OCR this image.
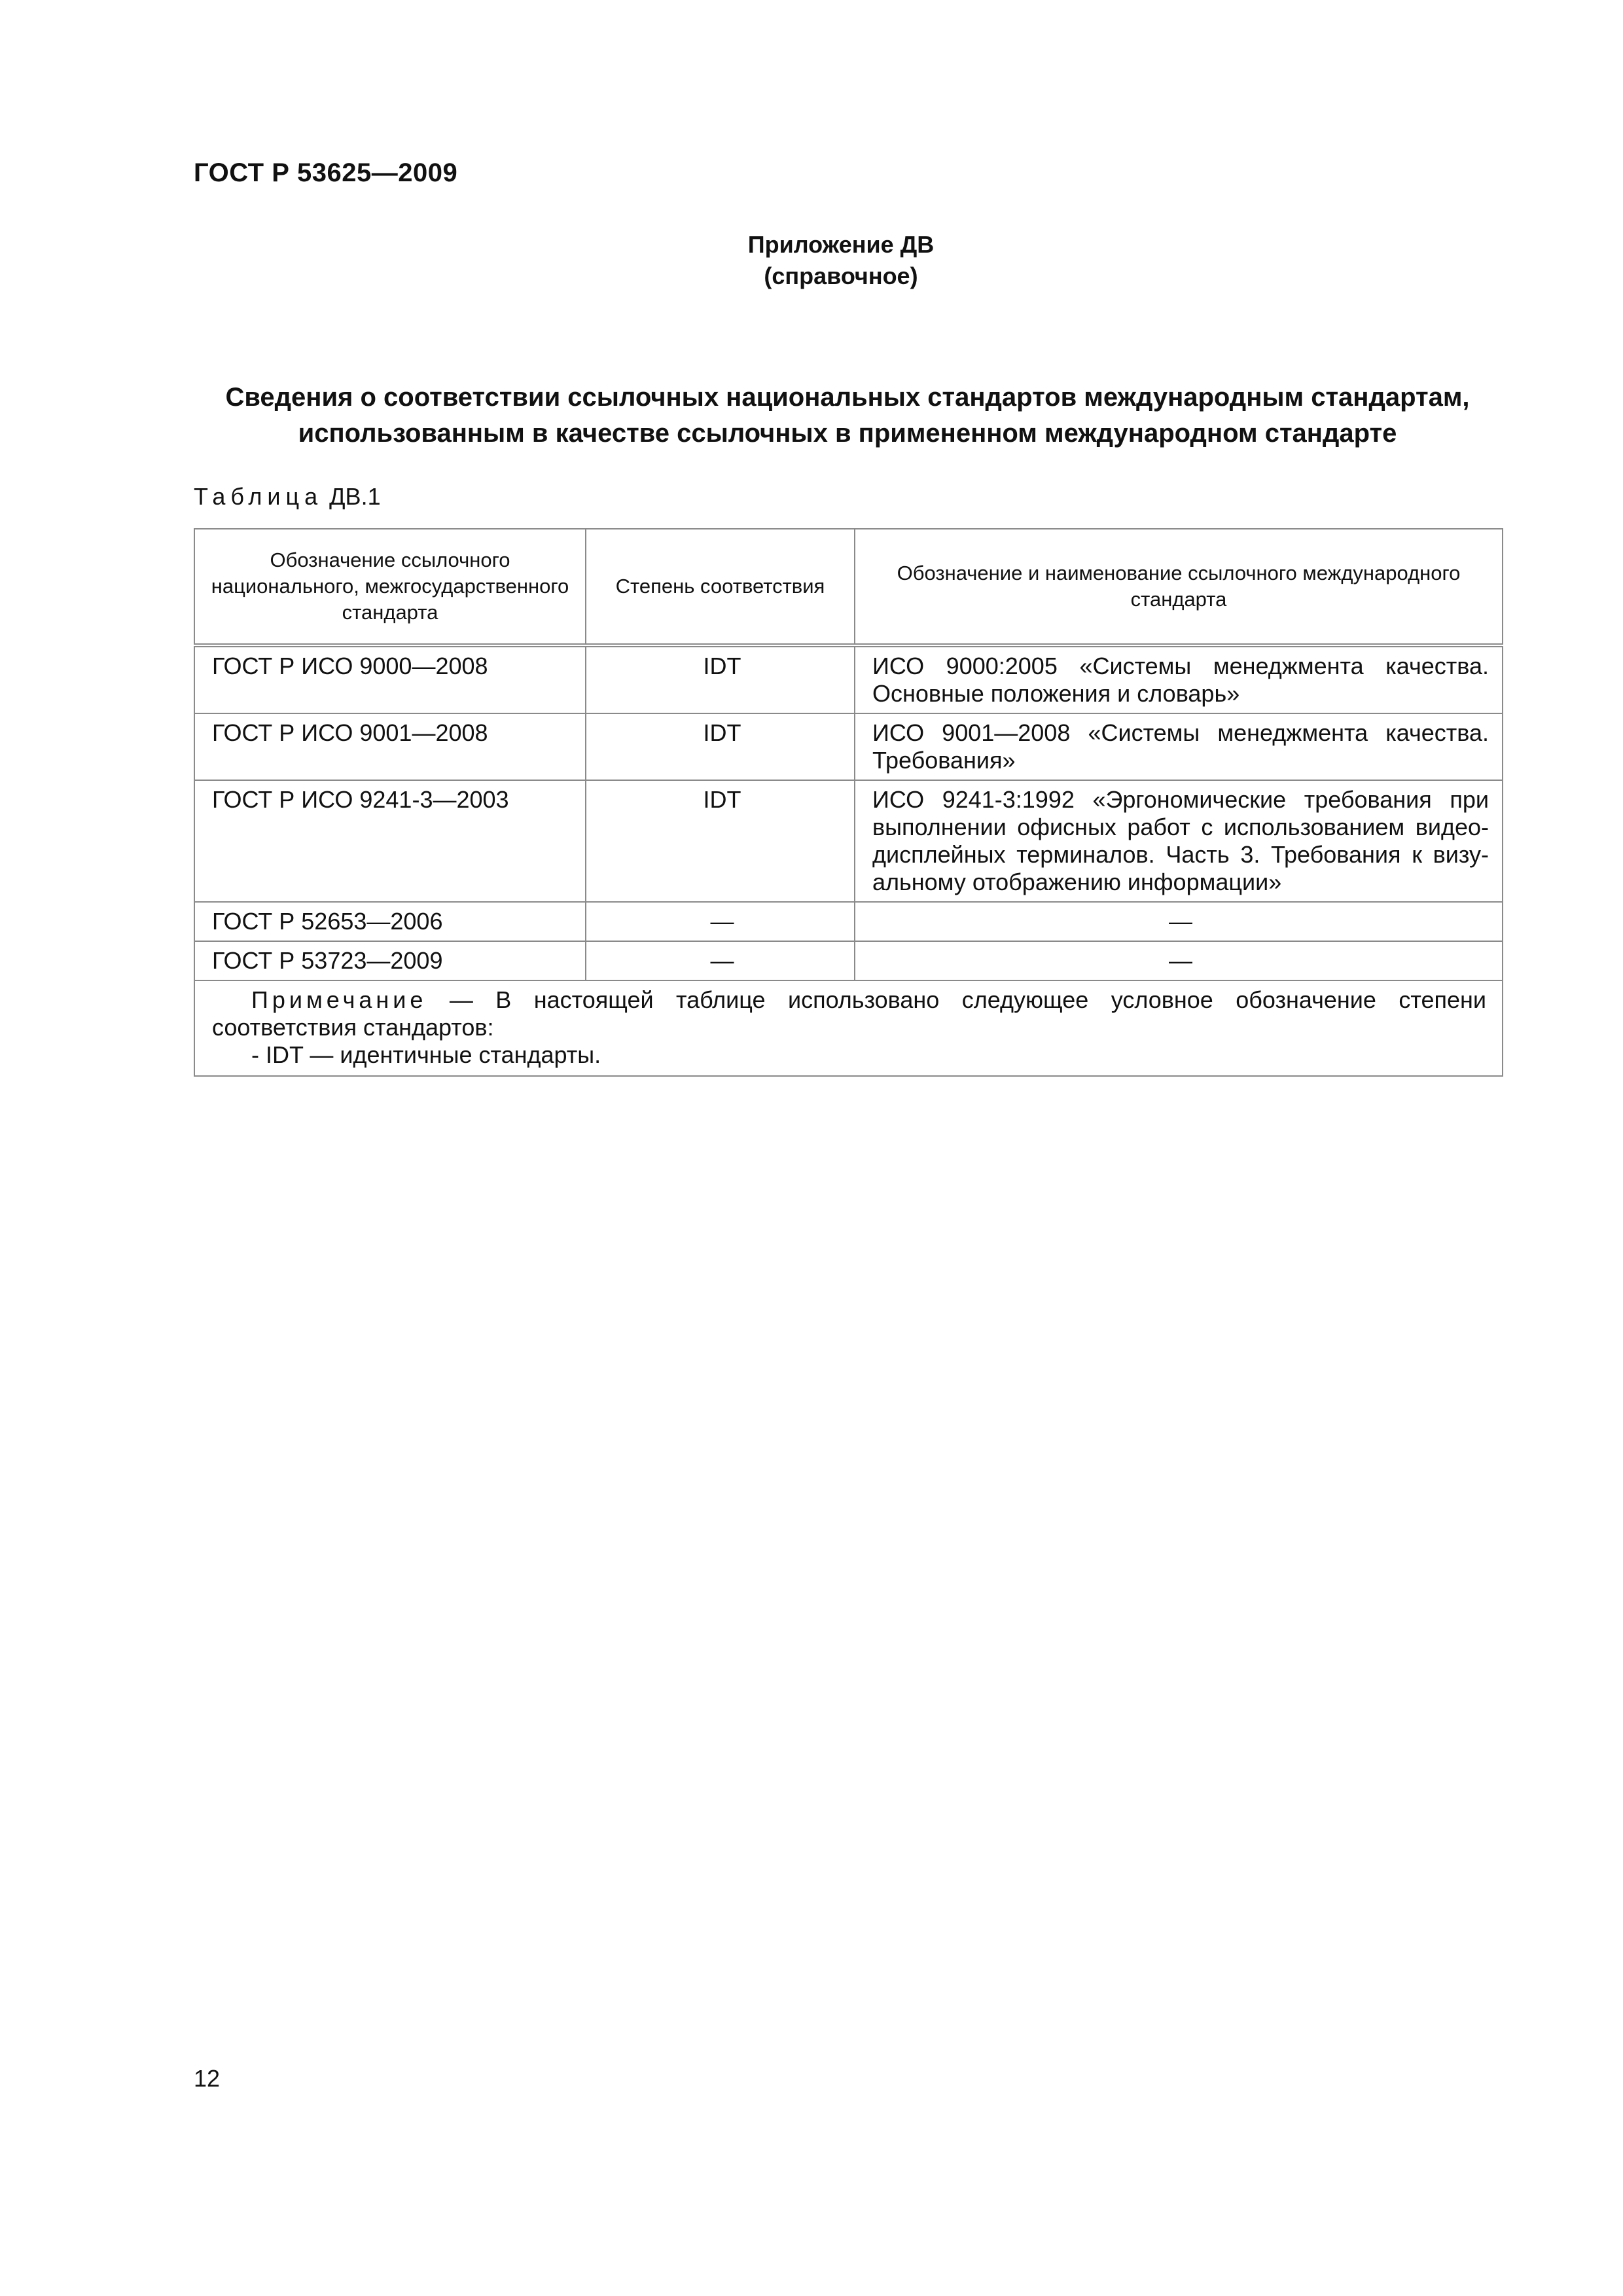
ГОСТ Р 53625—2009
Приложение ДВ
(справочное)
Сведения о соответствии ссылочных национальных стандартов международным стандартам,
использованным в качестве ссылочных в примененном международном стандарте
Таблица ДВ.1
Обозначение ссылочного национального, межгосударственного стандарта	Степень соответствия	Обозначение и наименование ссылочного международного стандарта
ГОСТ Р ИСО 9000—2008	IDT	ИСО 9000:2005 «Системы менеджмента качества. Основные положения и словарь»
ГОСТ Р ИСО 9001—2008	IDT	ИСО 9001—2008 «Системы менеджмента качества. Требования»
ГОСТ Р ИСО 9241-3—2003	IDT	ИСО 9241-3:1992 «Эргономические требования при выполнении офисных работ с использованием видео-дисплейных терминалов. Часть 3. Требования к визу-альному отображению информации»
ГОСТ Р 52653—2006	—	—
ГОСТ Р 53723—2009	—	—
Примечание — В настоящей таблице использовано следующее условное обозначение степени соответствия стандартов:
- IDT — идентичные стандарты.		
12
